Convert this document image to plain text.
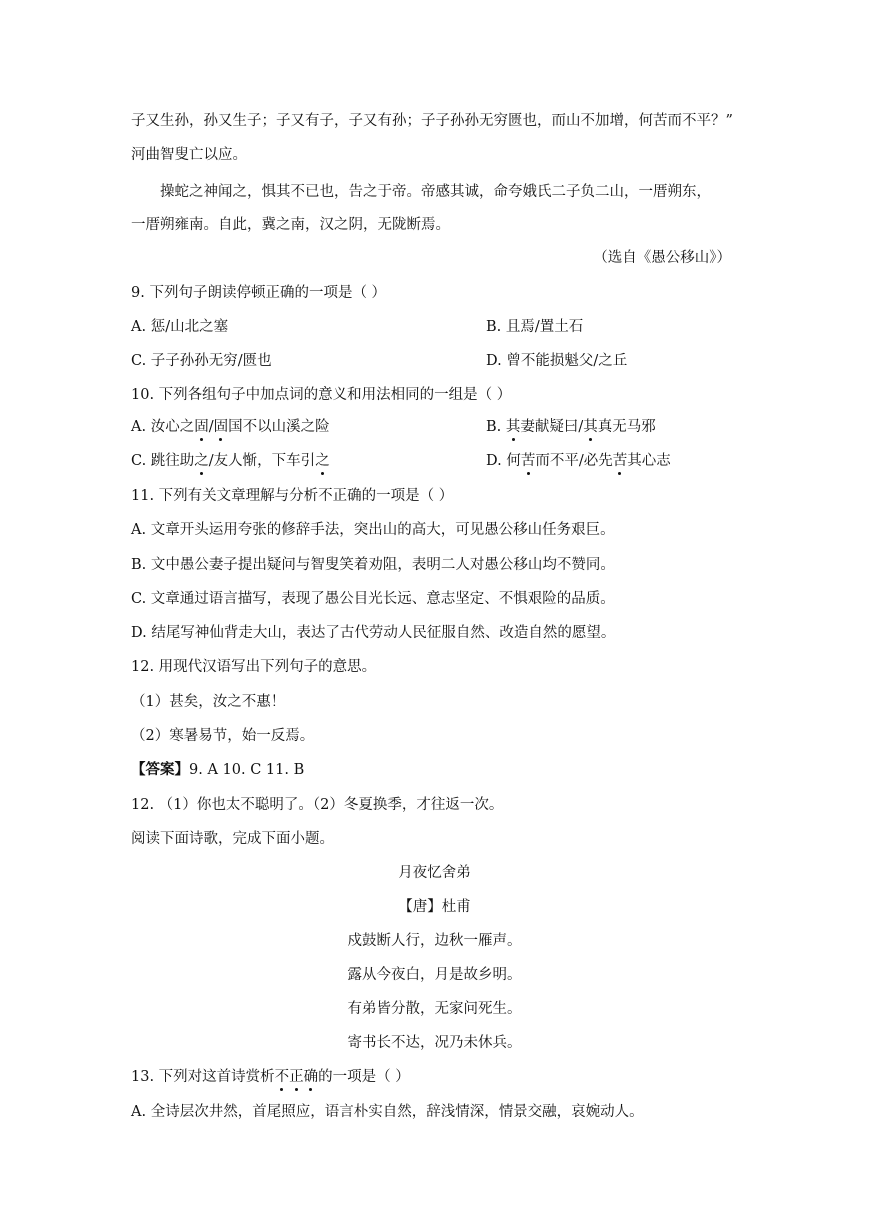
子又生孙，孙又生子；子又有子，子又有孙；子子孙孙无穷匮也，而山不加增，何苦而不平？”
河曲智叟亡以应。
操蛇之神闻之，惧其不已也，告之于帝。帝感其诚，命夸娥氏二子负二山，一厝朔东，
一厝朔雍南。自此，冀之南，汉之阴，无陇断焉。
（选自《愚公移山》）
9. 下列句子朗读停顿正确的一项是（ ）
A. 惩/山北之塞	B. 且焉/置土石
C. 子子孙孙无穷/匮也	D. 曾不能损魁父/之丘
10. 下列各组句子中加点词的意义和用法相同的一组是（ ）
A. 汝心之固/固国不以山溪之险	B. 其妻献疑曰/其真无马邪
C. 跳往助之/友人惭，下车引之	D. 何苦而不平/必先苦其心志
11. 下列有关文章理解与分析不正确的一项是（ ）
A. 文章开头运用夸张的修辞手法，突出山的高大，可见愚公移山任务艰巨。
B. 文中愚公妻子提出疑问与智叟笑着劝阻，表明二人对愚公移山均不赞同。
C. 文章通过语言描写，表现了愚公目光长远、意志坚定、不惧艰险的品质。
D. 结尾写神仙背走大山，表达了古代劳动人民征服自然、改造自然的愿望。
12. 用现代汉语写出下列句子的意思。
（1）甚矣，汝之不惠！
（2）寒暑易节，始一反焉。
【答案】9. A 10. C 11. B
12. （1）你也太不聪明了。（2）冬夏换季，才往返一次。
阅读下面诗歌，完成下面小题。
月夜忆舍弟
【唐】杜甫
戍鼓断人行，边秋一雁声。
露从今夜白，月是故乡明。
有弟皆分散，无家问死生。
寄书长不达，况乃未休兵。
13. 下列对这首诗赏析不正确的一项是（ ）
A. 全诗层次井然，首尾照应，语言朴实自然，辞浅情深，情景交融，哀婉动人。
